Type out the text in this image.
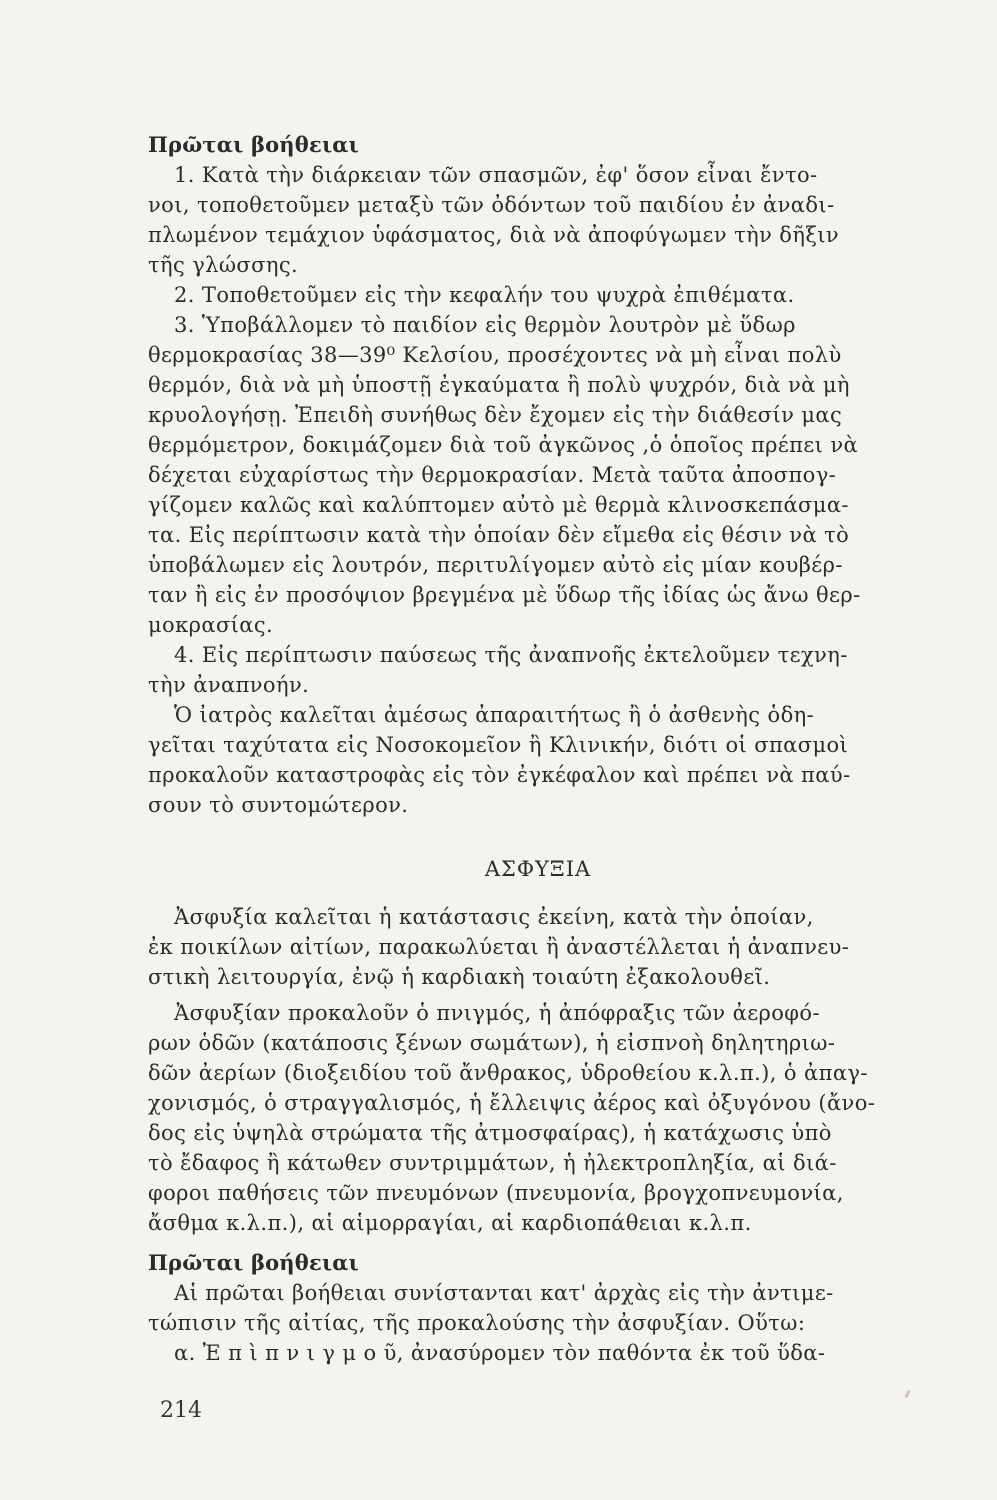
Πρῶται βοήθειαι

1. Κατὰ τὴν διάρκειαν τῶν σπασμῶν, ἐφ' ὅσον εἶναι ἔντο-

νοι, τοποθετοῦμεν μεταξὺ τῶν ὀδόντων τοῦ παιδίου ἐν ἀναδι-

πλωμένον τεμάχιον ὑφάσματος, διὰ νὰ ἀποφύγωμεν τὴν δῆξιν

τῆς γλώσσης.

2. Τοποθετοῦμεν εἰς τὴν κεφαλήν του ψυχρὰ ἐπιθέματα.

3. Ὑποβάλλομεν τὸ παιδίον εἰς θερμὸν λουτρὸν μὲ ὕδωρ

θερμοκρασίας 38—39⁰ Κελσίου, προσέχοντες νὰ μὴ εἶναι πολὺ

θερμόν, διὰ νὰ μὴ ὑποστῇ ἐγκαύματα ἢ πολὺ ψυχρόν, διὰ νὰ μὴ

κρυολογήσῃ. Ἐπειδὴ συνήθως δὲν ἔχομεν εἰς τὴν διάθεσίν μας

θερμόμετρον, δοκιμάζομεν διὰ τοῦ ἀγκῶνος ,ὁ ὁποῖος πρέπει νὰ

δέχεται εὐχαρίστως τὴν θερμοκρασίαν. Μετὰ ταῦτα ἀποσπογ-

γίζομεν καλῶς καὶ καλύπτομεν αὐτὸ μὲ θερμὰ κλινοσκεπάσμα-

τα. Εἰς περίπτωσιν κατὰ τὴν ὁποίαν δὲν εἴμεθα εἰς θέσιν νὰ τὸ

ὑποβάλωμεν εἰς λουτρόν, περιτυλίγομεν αὐτὸ εἰς μίαν κουβέρ-

ταν ἢ εἰς ἐν προσόψιον βρεγμένα μὲ ὕδωρ τῆς ἰδίας ὡς ἄνω θερ-

μοκρασίας.

4. Εἰς περίπτωσιν παύσεως τῆς ἀναπνοῆς ἐκτελοῦμεν τεχνη-

τὴν ἀναπνοήν.

Ὁ ἰατρὸς καλεῖται ἀμέσως ἀπαραιτήτως ἢ ὁ ἀσθενὴς ὁδη-

γεῖται ταχύτατα εἰς Νοσοκομεῖον ἢ Κλινικήν, διότι οἱ σπασμοὶ

προκαλοῦν καταστροφὰς εἰς τὸν ἐγκέφαλον καὶ πρέπει νὰ παύ-

σουν τὸ συντομώτερον.

ΑΣΦΥΞΙΑ

Ἀσφυξία καλεῖται ἡ κατάστασις ἐκείνη, κατὰ τὴν ὁποίαν,

ἐκ ποικίλων αἰτίων, παρακωλύεται ἢ ἀναστέλλεται ἡ ἀναπνευ-

στικὴ λειτουργία, ἐνῷ ἡ καρδιακὴ τοιαύτη ἐξακολουθεῖ.

Ἀσφυξίαν προκαλοῦν ὁ πνιγμός, ἡ ἀπόφραξις τῶν ἀεροφό-

ρων ὁδῶν (κατάποσις ξένων σωμάτων), ἡ εἰσπνοὴ δηλητηριω-

δῶν ἀερίων (διοξειδίου τοῦ ἄνθρακος, ὑδροθείου κ.λ.π.), ὁ ἀπαγ-

χονισμός, ὁ στραγγαλισμός, ἡ ἔλλειψις ἀέρος καὶ ὀξυγόνου (ἄνο-

δος εἰς ὑψηλὰ στρώματα τῆς ἀτμοσφαίρας), ἡ κατάχωσις ὑπὸ

τὸ ἔδαφος ἢ κάτωθεν συντριμμάτων, ἡ ἠλεκτροπληξία, αἱ διά-

φοροι παθήσεις τῶν πνευμόνων (πνευμονία, βρογχοπνευμονία,

ἄσθμα κ.λ.π.), αἱ αἱμορραγίαι, αἱ καρδιοπάθειαι κ.λ.π.

Πρῶται βοήθειαι

Αἱ πρῶται βοήθειαι συνίστανται κατ' ἀρχὰς εἰς τὴν ἀντιμε-

τώπισιν τῆς αἰτίας, τῆς προκαλούσης τὴν ἀσφυξίαν. Οὕτω:

α. Ἐ π ὶ π ν ι γ μ ο ῦ, ἀνασύρομεν τὸν παθόντα ἐκ τοῦ ὕδα-

214
